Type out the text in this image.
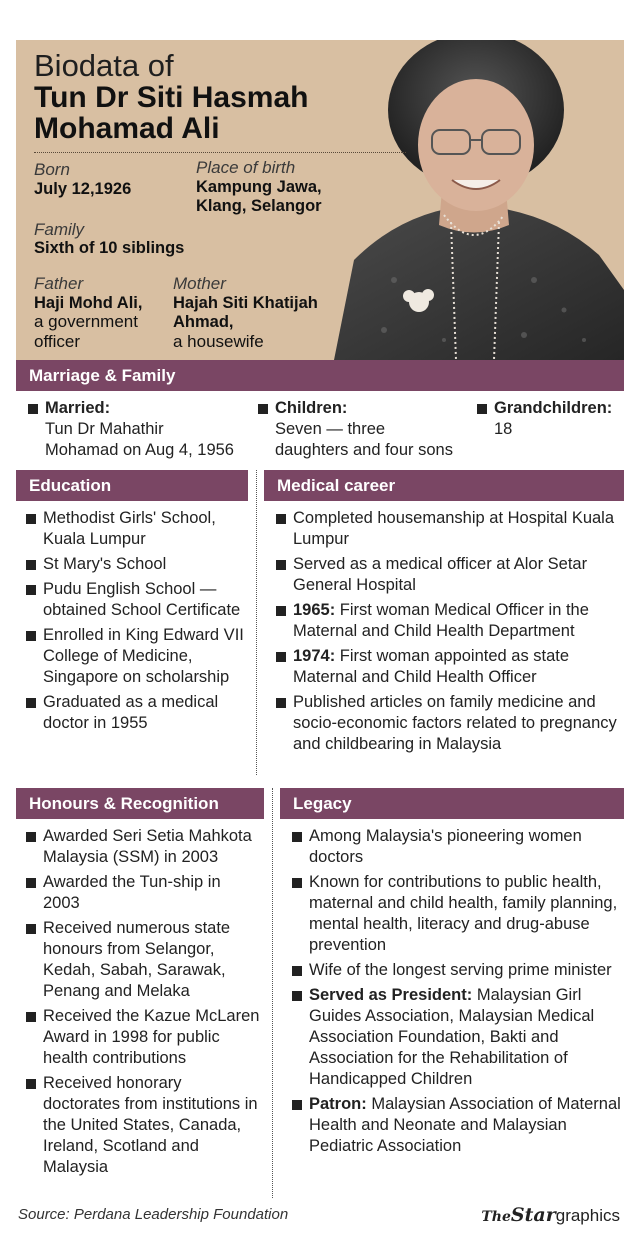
Biodata of
Tun Dr Siti Hasmah
Mohamad Ali
Born
July 12,1926
Place of birth
Kampung Jawa,
Klang, Selangor
Family
Sixth of 10 siblings
Father
Haji Mohd Ali,
a government
officer
Mother
Hajah Siti Khatijah
Ahmad,
a housewife
Marriage & Family
Married:
Tun Dr Mahathir
Mohamad on Aug 4, 1956
Children:
Seven — three
daughters and four sons
Grandchildren:
18
Education	Medical career
Methodist Girls' School, Kuala Lumpur
St Mary's School
Pudu English School — obtained School Certificate
Enrolled in King Edward VII College of Medicine, Singapore on scholarship
Graduated as a medical doctor in 1955
Completed housemanship at Hospital Kuala Lumpur
Served as a medical officer at Alor Setar General Hospital
1965: First woman Medical Officer in the Maternal and Child Health Department
1974: First woman appointed as state Maternal and Child Health Officer
Published articles on family medicine and socio-economic factors related to pregnancy and childbearing in Malaysia
Honours & Recognition	Legacy
Awarded Seri Setia Mahkota Malaysia (SSM) in 2003
Awarded the Tun-ship in 2003
Received numerous state honours from Selangor, Kedah, Sabah, Sarawak, Penang and Melaka
Received the Kazue McLaren Award in 1998 for public health contributions
Received honorary doctorates from institutions in the United States, Canada, Ireland, Scotland and Malaysia
Among Malaysia's pioneering women doctors
Known for contributions to public health, maternal and child health, family planning, mental health, literacy and drug-abuse prevention
Wife of the longest serving prime minister
Served as President: Malaysian Girl Guides Association, Malaysian Medical Association Foundation, Bakti and Association for the Rehabilitation of Handicapped Children
Patron: Malaysian Association of Maternal Health and Neonate and Malaysian Pediatric Association
Source: Perdana Leadership Foundation	TheStargraphics
